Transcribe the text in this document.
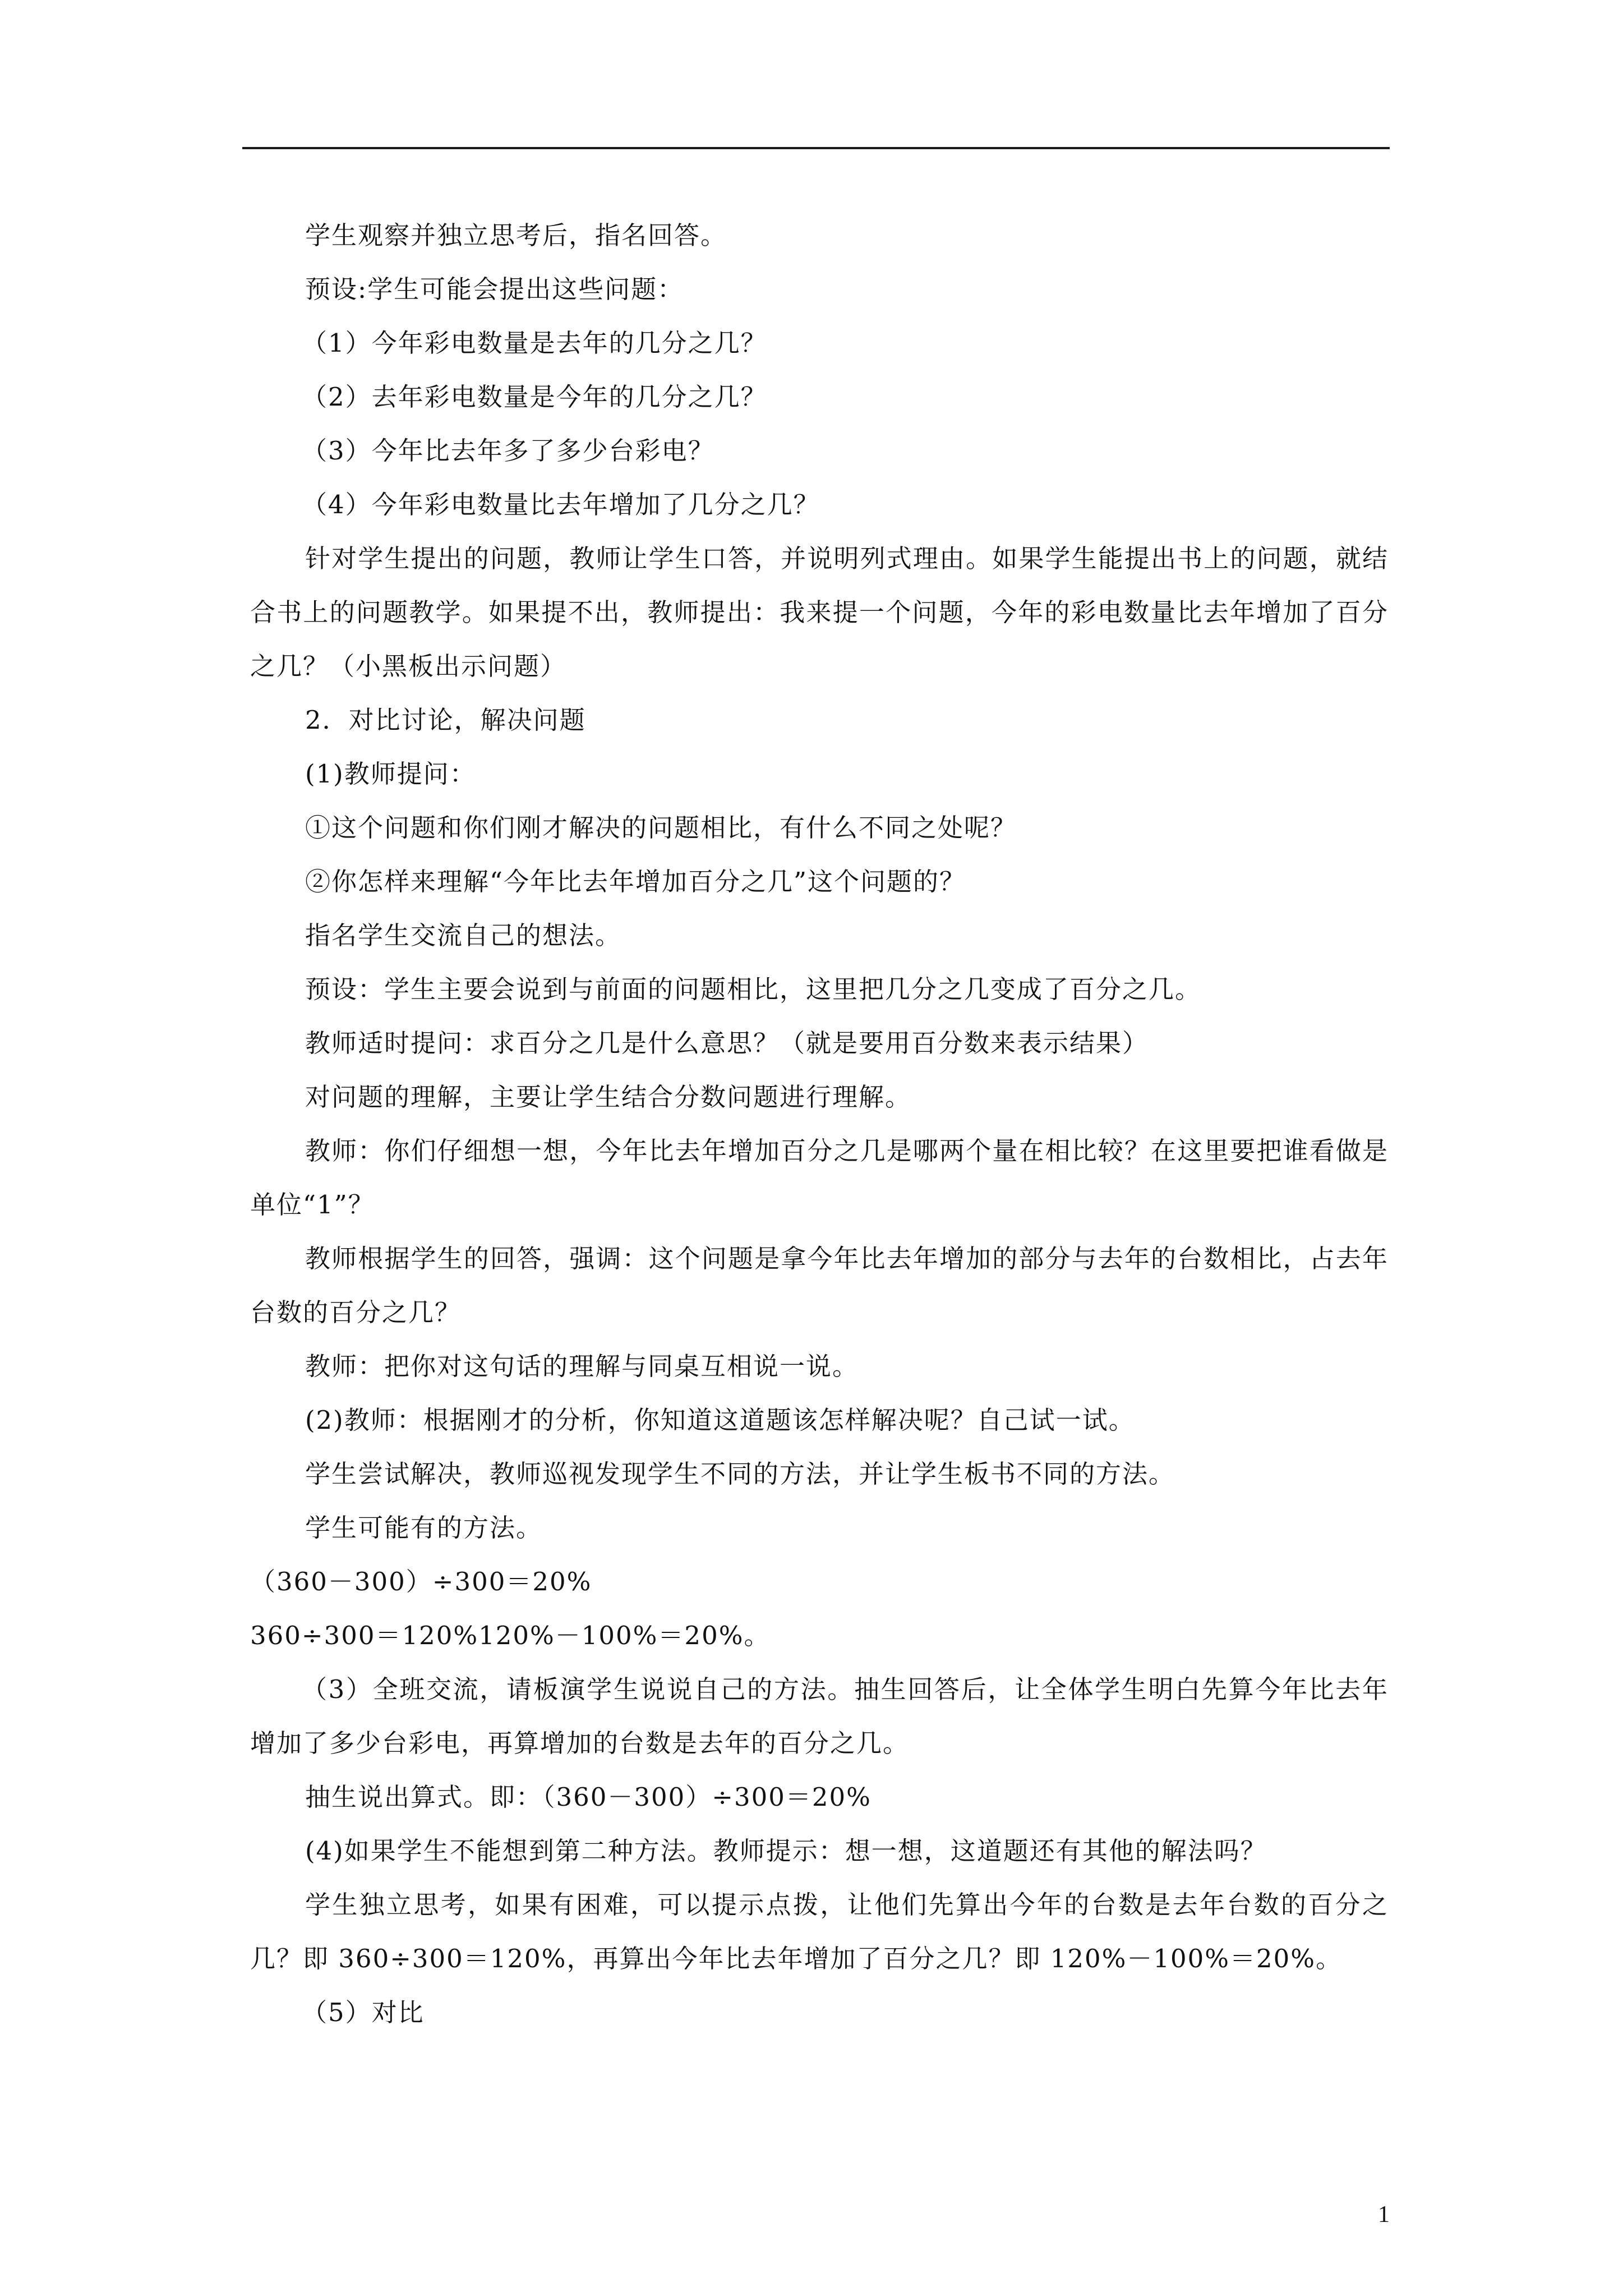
学生观察并独立思考后，指名回答。
预设:学生可能会提出这些问题：
（1）今年彩电数量是去年的几分之几？
（2）去年彩电数量是今年的几分之几？
（3）今年比去年多了多少台彩电？
（4）今年彩电数量比去年增加了几分之几？
针对学生提出的问题，教师让学生口答，并说明列式理由。如果学生能提出书上的问题，就结合书上的问题教学。如果提不出，教师提出：我来提一个问题，今年的彩电数量比去年增加了百分之几？（小黑板出示问题）
2．对比讨论，解决问题
(1)教师提问：
①这个问题和你们刚才解决的问题相比，有什么不同之处呢？
②你怎样来理解“今年比去年增加百分之几”这个问题的？
指名学生交流自己的想法。
预设：学生主要会说到与前面的问题相比，这里把几分之几变成了百分之几。
教师适时提问：求百分之几是什么意思？（就是要用百分数来表示结果）
对问题的理解，主要让学生结合分数问题进行理解。
教师：你们仔细想一想，今年比去年增加百分之几是哪两个量在相比较？在这里要把谁看做是单位“1”？
教师根据学生的回答，强调：这个问题是拿今年比去年增加的部分与去年的台数相比，占去年台数的百分之几？
教师：把你对这句话的理解与同桌互相说一说。
(2)教师：根据刚才的分析，你知道这道题该怎样解决呢？自己试一试。
学生尝试解决，教师巡视发现学生不同的方法，并让学生板书不同的方法。
学生可能有的方法。
（360－300）÷300＝20%
360÷300＝120%120%－100%＝20%。
（3）全班交流，请板演学生说说自己的方法。抽生回答后，让全体学生明白先算今年比去年增加了多少台彩电，再算增加的台数是去年的百分之几。
抽生说出算式。即：（360－300）÷300＝20%
(4)如果学生不能想到第二种方法。教师提示：想一想，这道题还有其他的解法吗？
学生独立思考，如果有困难，可以提示点拨，让他们先算出今年的台数是去年台数的百分之几？即 360÷300＝120%，再算出今年比去年增加了百分之几？即 120%－100%＝20%。
（5）对比
1
